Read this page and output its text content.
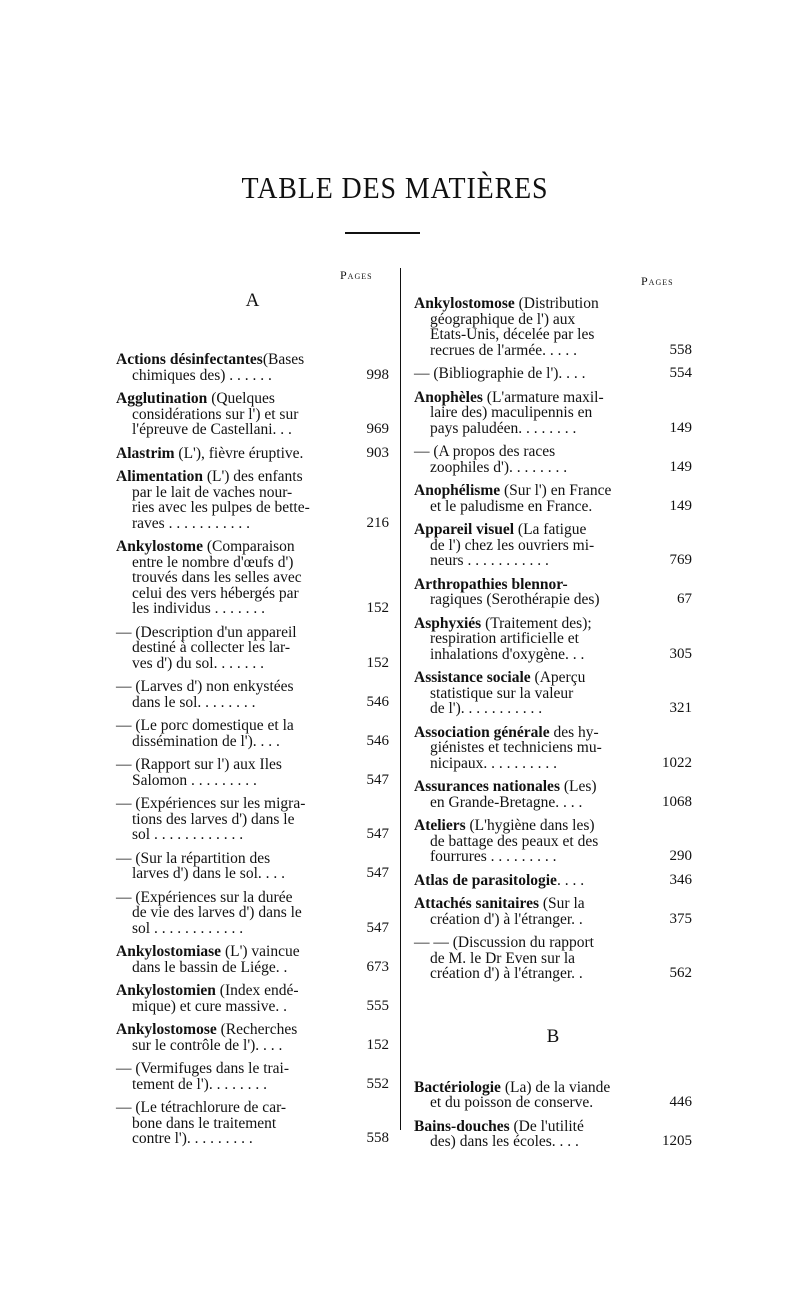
TABLE DES MATIÈRES
Pages	Pages
A
Actions désinfectantes(Bases
chimiques des) . . . . . .	998
Agglutination (Quelques
considérations sur l') et sur
l'épreuve de Castellani. . .	969
Alastrim (L'), fièvre éruptive.	903
Alimentation (L') des enfants
par le lait de vaches nour-
ries avec les pulpes de bette-
raves . . . . . . . . . . .	216
Ankylostome (Comparaison
entre le nombre d'œufs d')
trouvés dans les selles avec
celui des vers hébergés par
les individus . . . . . . .	152
— (Description d'un appareil
destiné à collecter les lar-
ves d') du sol. . . . . . .	152
— (Larves d') non enkystées
dans le sol. . . . . . . .	546
— (Le porc domestique et la
dissémination de l'). . . .	546
— (Rapport sur l') aux Iles
Salomon . . . . . . . . .	547
— (Expériences sur les migra-
tions des larves d') dans le
sol . . . . . . . . . . . .	547
— (Sur la répartition des
larves d') dans le sol. . . .	547
— (Expériences sur la durée
de vie des larves d') dans le
sol . . . . . . . . . . . .	547
Ankylostomiase (L') vaincue
dans le bassin de Liége. .	673
Ankylostomien (Index endé-
mique) et cure massive. .	555
Ankylostomose (Recherches
sur le contrôle de l'). . . .	152
— (Vermifuges dans le trai-
tement de l'). . . . . . . .	552
— (Le tétrachlorure de car-
bone dans le traitement
contre l'). . . . . . . . .	558
Ankylostomose (Distribution
géographique de l') aux
Etats-Unis, décelée par les
recrues de l'armée. . . . .	558
— (Bibliographie de l'). . . .	554
Anophèles (L'armature maxil-
laire des) maculipennis en
pays paludéen. . . . . . . .	149
— (A propos des races
zoophiles d'). . . . . . . .	149
Anophélisme (Sur l') en France
et le paludisme en France.	149
Appareil visuel (La fatigue
de l') chez les ouvriers mi-
neurs . . . . . . . . . . .	769
Arthropathies blennor-
ragiques (Serothérapie des)	67
Asphyxiés (Traitement des);
respiration artificielle et
inhalations d'oxygène. . .	305
Assistance sociale (Aperçu
statistique sur la valeur
de l'). . . . . . . . . . .	321
Association générale des hy-
giénistes et techniciens mu-
nicipaux. . . . . . . . . .	1022
Assurances nationales (Les)
en Grande-Bretagne. . . .	1068
Ateliers (L'hygiène dans les)
de battage des peaux et des
fourrures . . . . . . . . .	290
Atlas de parasitologie. . . .	346
Attachés sanitaires (Sur la
création d') à l'étranger. .	375
— — (Discussion du rapport
de M. le Dr Even sur la
création d') à l'étranger. .	562
B
Bactériologie (La) de la viande
et du poisson de conserve.	446
Bains-douches (De l'utilité
des) dans les écoles. . . .	1205
